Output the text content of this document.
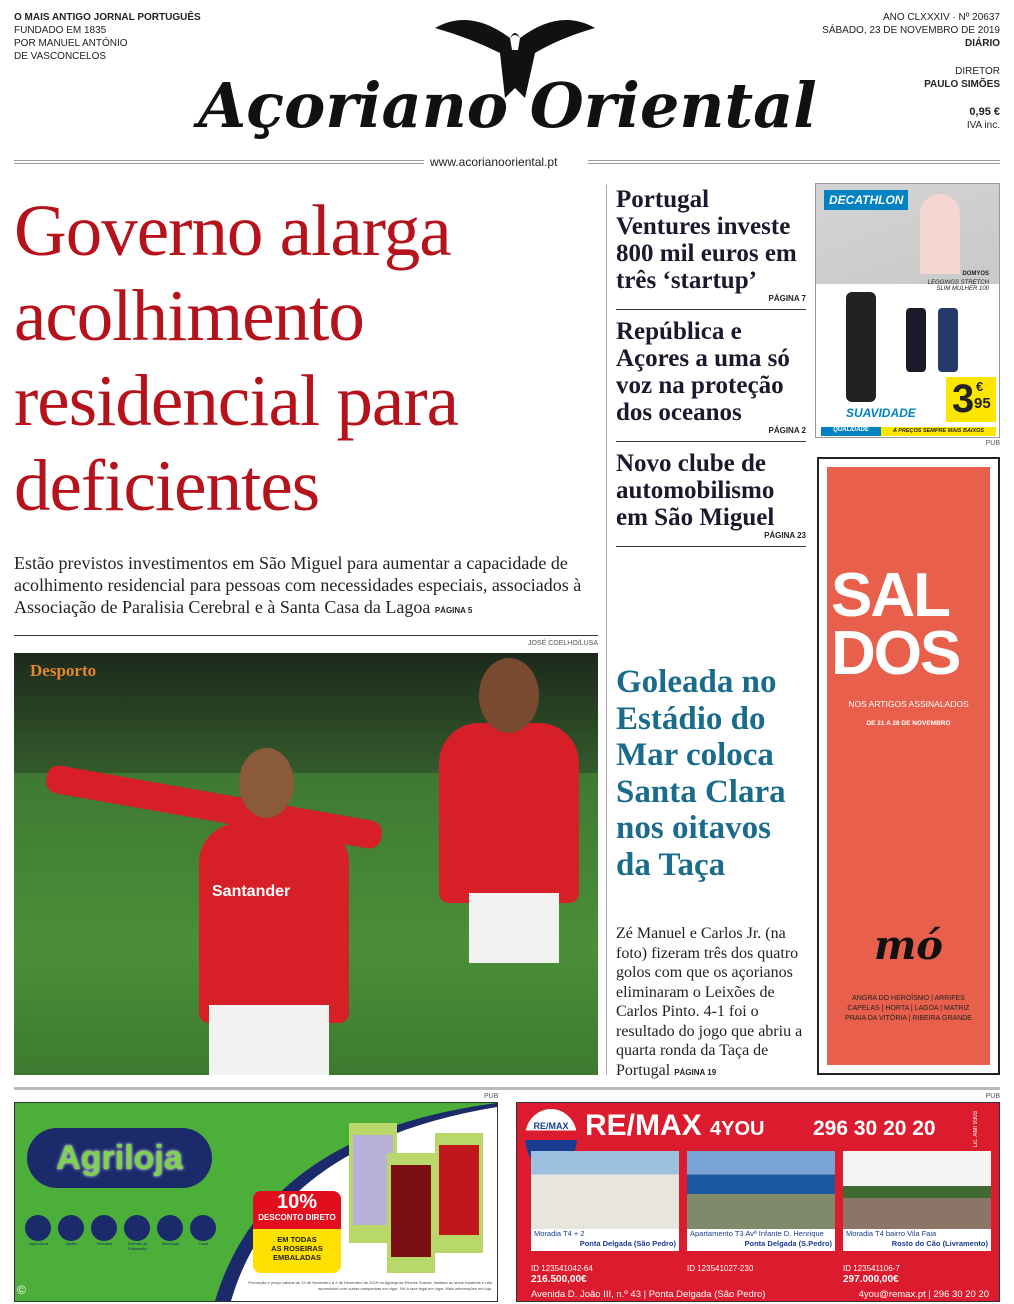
O MAIS ANTIGO JORNAL PORTUGUÊS
FUNDADO EM 1835
POR MANUEL ANTÓNIO
DE VASCONCELOS
ANO CLXXXIV · Nº 20637
SÁBADO, 23 DE NOVEMBRO DE 2019
DIÁRIO
DIRETOR
PAULO SIMÕES
0,95 €
IVA inc.
Açoriano Oriental
www.acorianooriental.pt
Governo alarga
acolhimento
residencial para
deficientes
Estão previstos investimentos em São Miguel para aumentar a capacidade de acolhimento residencial para pessoas com necessidades especiais, associados à Associação de Paralisia Cerebral e à Santa Casa da Lagoa PÁGINA 5
JOSÉ COELHO/LUSA
Desporto
Santander
Portugal Ventures investe 800 mil euros em três ‘startup’
PÁGINA 7
República e Açores a uma só voz na proteção dos oceanos
PÁGINA 2
Novo clube de automobilismo em São Miguel
PÁGINA 23
Goleada no Estádio do Mar coloca Santa Clara nos oitavos da Taça
Zé Manuel e Carlos Jr. (na foto) fizeram três dos quatro golos com que os açorianos eliminaram o Leixões de Carlos Pinto. 4-1 foi o resultado do jogo que abriu a quarta ronda da Taça de Portugal PÁGINA 19
DECATHLON
DOMYOS
LEGGINGS STRETCH
SLIM MULHER 100
3 €
95
SUAVIDADE
QUALIDADE	A PREÇOS SEMPRE MAIS BAIXOS
PUB
SAL
DOS
NOS ARTIGOS ASSINALADOS
DE 21 A 28 DE NOVEMBRO
mó
ANGRA DO HEROÍSMO | ARRIFES
CAPELAS | HORTA | LAGOA | MATRIZ
PRAIA DA VITÓRIA | RIBEIRA GRANDE
PUB	PUB
Agriloja
Agricultura	Jardim	Pecuária	Animais de Estimação
Bricolage	Casa
10%
DESCONTO DIRETO
EM TODAS
AS ROSEIRAS
EMBALADAS
Promoção e preço válidos de 12 de Novembro a 2 de Dezembro de 2019 na Agriloja da Ribeira Grande, limitado ao stock existente e não acumulável com outras campanhas em vigor. IVA à taxa legal em vigor. Mais informações em loja.
©
RE/MAX RE/MAX 4YOU 296 30 20 20	Lic. AMI 9303
Moradia T4 + 2
Ponta Delgada (São Pedro)
Apartamento T3 Avª Infante D. Henrique
Ponta Delgada (S.Pedro)
Moradia T4 bairro Vila Faia
Rosto do Cão (Livramento)
ID 123541042-64
216.500,00€
ID 123541027-230	ID 123541106-7
297.000,00€
Avenida D. João III, n.º 43 | Ponta Delgada (São Pedro)	4you@remax.pt | 296 30 20 20
